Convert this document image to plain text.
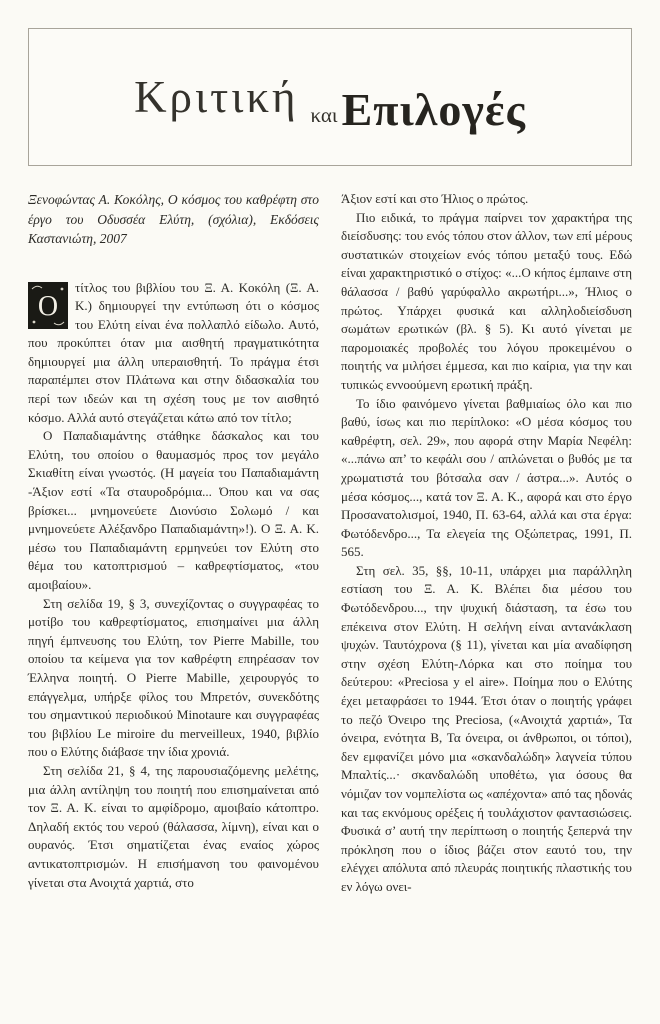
Κριτική καιΕπιλογές

Ξενοφώντας Α. Κοκόλης, Ο κόσμος του καθρέφτη στο έργο του Οδυσσέα Ελύτη, (σχόλια), Εκδόσεις Καστανιώτη, 2007

Ο
τίτλος του βιβλίου του Ξ. Α. Κοκόλη (Ξ. Α. Κ.) δημιουργεί την εντύπωση ότι ο κόσμος του Ελύτη είναι ένα πολλαπλό είδωλο. Αυτό, που προκύπτει όταν μια αισθητή πραγματικότητα δημιουργεί μια άλλη υπεραισθητή. Το πράγμα έτσι παραπέμπει στον Πλάτωνα και στην διδασκαλία του περί των ιδεών και τη σχέση τους με τον αισθητό κόσμο. Αλλά αυτό στεγάζεται κάτω από τον τίτλο;

Ο Παπαδιαμάντης στάθηκε δάσκαλος και του Ελύτη, του οποίου ο θαυμασμός προς τον μεγάλο Σκιαθίτη είναι γνωστός. (Η μαγεία του Παπαδιαμάντη -Άξιον εστί «Τα σταυροδρόμια... Όπου και να σας βρίσκει... μνημονεύετε Διονύσιο Σολωμό / και μνημονεύετε Αλέξανδρο Παπαδιαμάντη»!). Ο Ξ. Α. Κ. μέσω του Παπαδιαμάντη ερμηνεύει τον Ελύτη στο θέμα του κατοπτρισμού – καθρεφτίσματος, «του αμοιβαίου».

Στη σελίδα 19, § 3, συνεχίζοντας ο συγγραφέας το μοτίβο του καθρεφτίσματος, επισημαίνει μια άλλη πηγή έμπνευσης του Ελύτη, τον Pierre Mabille, του οποίου τα κείμενα για τον καθρέφτη επηρέασαν τον Έλληνα ποιητή. Ο Pierre Mabille, χειρουργός το επάγγελμα, υπήρξε φίλος του Μπρετόν, συνεκδότης του σημαντικού περιοδικού Minotaure και συγγραφέας του βιβλίου Le miroire du merveilleux, 1940, βιβλίο που ο Ελύτης διάβασε την ίδια χρονιά.

Στη σελίδα 21, § 4, της παρουσιαζόμενης μελέτης, μια άλλη αντίληψη του ποιητή που επισημαίνεται από τον Ξ. Α. Κ. είναι το αμφίδρομο, αμοιβαίο κάτοπτρο. Δηλαδή εκτός του νερού (θάλασσα, λίμνη), είναι και ο ουρανός. Έτσι σηματίζεται ένας εναίος χώρος αντικατοπτρισμών. Η επισήμανση του φαινομένου γίνεται στα Ανοιχτά χαρτιά, στο

Άξιον εστί και στο Ήλιος ο πρώτος.

Πιο ειδικά, το πράγμα παίρνει τον χαρακτήρα της διείσδυσης: του ενός τόπου στον άλλον, των επί μέρους συστατικών στοιχείων ενός τόπου μεταξύ τους. Εδώ είναι χαρακτηριστικό ο στίχος: «...Ο κήπος έμπαινε στη θάλασσα / βαθύ γαρύφαλλο ακρωτήρι...», Ήλιος ο πρώτος. Υπάρχει φυσικά και αλληλοδιείσδυση σωμάτων ερωτικών (βλ. § 5). Κι αυτό γίνεται με παρομοιακές προβολές του λόγου προκειμένου ο ποιητής να μιλήσει έμμεσα, και πιο καίρια, για την και τυπικώς εννοούμενη ερωτική πράξη.

Το ίδιο φαινόμενο γίνεται βαθμιαίως όλο και πιο βαθύ, ίσως και πιο περίπλοκο: «Ο μέσα κόσμος του καθρέφτη, σελ. 29», που αφορά στην Μαρία Νεφέλη: «...πάνω απ’ το κεφάλι σου / απλώνεται ο βυθός με τα χρωματιστά του βότσαλα σαν / άστρα...». Αυτός ο μέσα κόσμος..., κατά τον Ξ. Α. Κ., αφορά και στο έργο Προσανατολισμοί, 1940, Π. 63-64, αλλά και στα έργα: Φωτόδενδρο..., Τα ελεγεία της Οξώπετρας, 1991, Π. 565.

Στη σελ. 35, §§, 10-11, υπάρχει μια παράλληλη εστίαση του Ξ. Α. Κ. Βλέπει δια μέσου του Φωτόδενδρου..., την ψυχική διάσταση, τα έσω του επέκεινα στον Ελύτη. Η σελήνη είναι αντανάκλαση ψυχών. Ταυτόχρονα (§ 11), γίνεται και μία αναδίφηση στην σχέση Ελύτη-Λόρκα και στο ποίημα του δεύτερου: «Preciosa y el aire». Ποίημα που ο Ελύτης έχει μεταφράσει το 1944. Έτσι όταν ο ποιητής γράφει το πεζό Όνειρο της Preciosa, («Ανοιχτά χαρτιά», Τα όνειρα, ενότητα Β, Τα όνειρα, οι άνθρωποι, οι τόποι), δεν εμφανίζει μόνο μια «σκανδαλώδη» λαγνεία τύπου Μπαλτίς...· σκανδαλώδη υποθέτω, για όσους θα νόμιζαν τον νομπελίστα ως «απέχοντα» από τας ηδονάς και τας εκνόμους ορέξεις ή τουλάχιστον φαντασιώσεις. Φυσικά σ’ αυτή την περίπτωση ο ποιητής ξεπερνά την πρόκληση που ο ίδιος βάζει στον εαυτό του, την ελέγχει απόλυτα από πλευράς ποιητικής πλαστικής του εν λόγω ονει-
